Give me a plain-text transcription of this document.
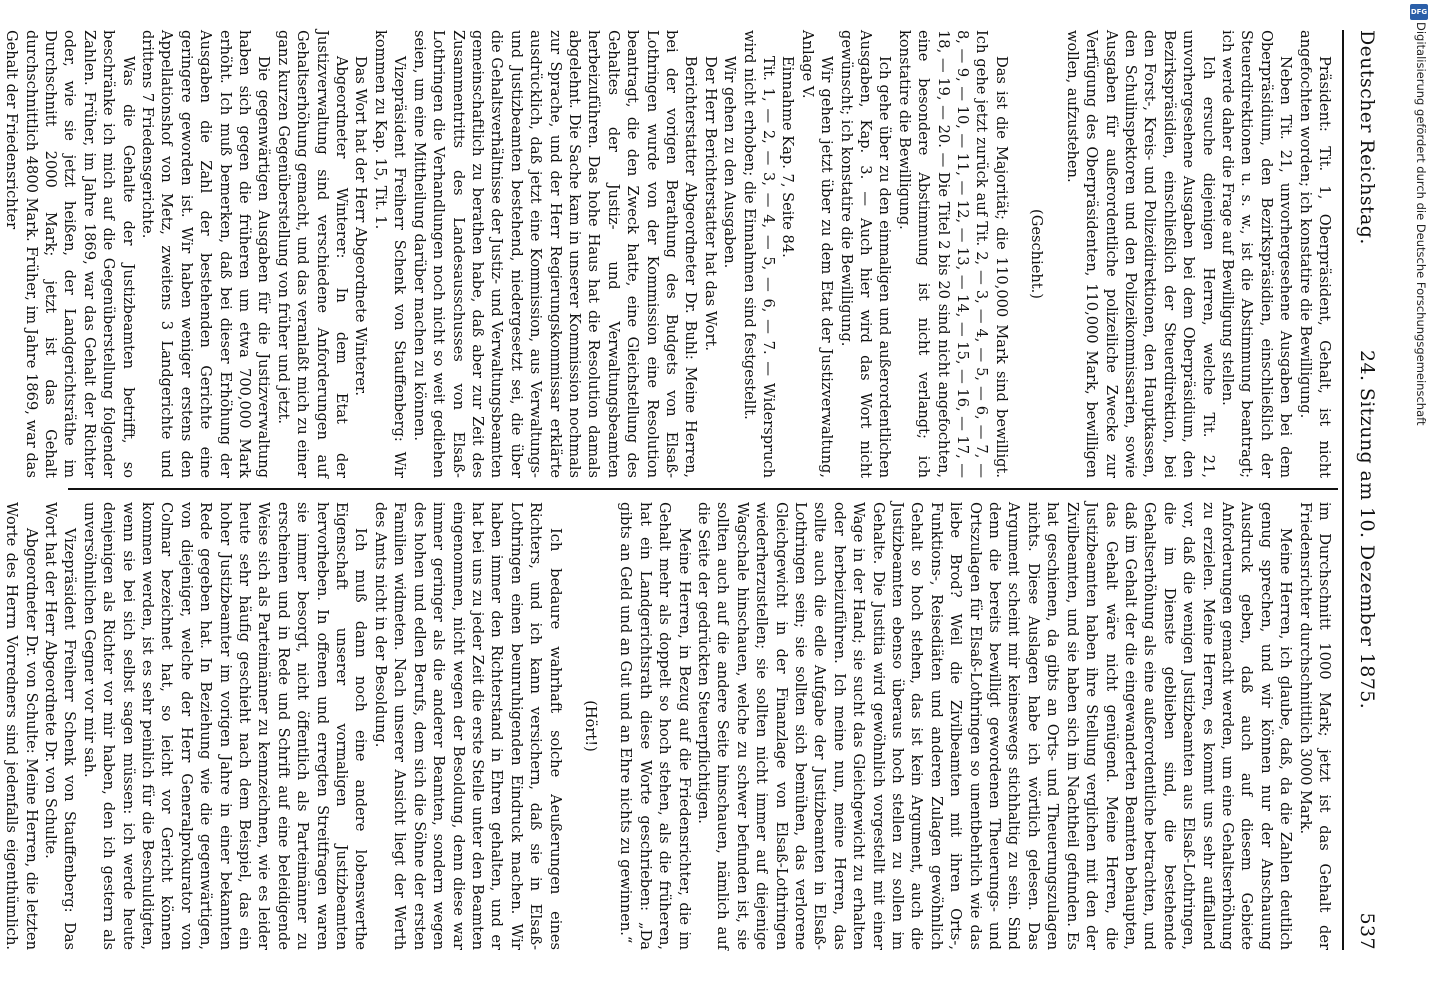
Deutscher Reichstag.
24. Sitzung am 10. Dezember 1875.
537

Präsident: Tit. 1, Oberpräsident, Gehalt, ist nicht angefochten worden; ich konstatire die Bewilligung.

Neben Tit. 21, unvorhergesehene Ausgaben bei dem Oberpräsidium, den Bezirkspräsidien, einschließlich der Steuerdirektionen u. s. w., ist die Abstimmung beantragt; ich werde daher die Frage auf Bewilligung stellen.

Ich ersuche diejenigen Herren, welche Tit. 21, unvorhergesehene Ausgaben bei dem Oberpräsidium, den Bezirkspräsidien, einschließlich der Steuerdirektion, bei den Forst-, Kreis- und Polizeidirektionen, den Hauptkassen, den Schulinspektoren und den Polizeikommissarien, sowie Ausgaben für außerordentliche polizeiliche Zwecke zur Verfügung des Oberpräsidenten, 110,000 Mark, bewilligen wollen, aufzustehen.

(Geschieht.)

Das ist die Majorität; die 110,000 Mark sind bewilligt. Ich gehe jetzt zurück auf Tit. 2, — 3, — 4, — 5, — 6, — 7, — 8, — 9, — 10, — 11, — 12, — 13, — 14, — 15, — 16, — 17, — 18, — 19, — 20. — Die Titel 2 bis 20 sind nicht angefochten, eine besondere Abstimmung ist nicht verlangt; ich konstatire die Bewilligung.

Ich gehe über zu den einmaligen und außerordentlichen Ausgaben, Kap. 3. — Auch hier wird das Wort nicht gewünscht; ich konstatire die Bewilligung.

Wir gehen jetzt über zu dem Etat der Justizverwaltung, Anlage V.

Einnahme Kap. 7, Seite 84.

Tit. 1, — 2, — 3, — 4, — 5, — 6, — 7. — Widerspruch wird nicht erhoben; die Einnahmen sind festgestellt.

Wir gehen zu den Ausgaben.

Der Herr Berichterstatter hat das Wort.

Berichterstatter Abgeordneter Dr. Buhl: Meine Herren, bei der vorigen Berathung des Budgets von Elsaß-Lothringen wurde von der Kommission eine Resolution beantragt, die den Zweck hatte, eine Gleichstellung des Gehaltes der Justiz- und Verwaltungsbeamten herbeizuführen. Das hohe Haus hat die Resolution damals abgelehnt. Die Sache kam in unserer Kommission nochmals zur Sprache, und der Herr Regierungskommissar erklärte ausdrücklich, daß jetzt eine Kommission, aus Verwaltungs- und Justizbeamten bestehend, niedergesetzt sei, die über die Gehaltsverhältnisse der Justiz- und Verwaltungsbeamten gemeinschaftlich zu berathen habe, daß aber zur Zeit des Zusammentritts des Landesausschusses von Elsaß-Lothringen die Verhandlungen noch nicht so weit gediehen seien, um eine Mittheilung darüber machen zu können.

Vizepräsident Freiherr Schenk von Stauffenberg: Wir kommen zu Kap. 15, Tit. 1.

Das Wort hat der Herr Abgeordnete Winterer.

Abgeordneter Winterer: In dem Etat der Justizverwaltung sind verschiedene Anforderungen auf Gehaltserhöhung gemacht, und das veranlaßt mich zu einer ganz kurzen Gegenüberstellung von früher und jetzt.

Die gegenwärtigen Ausgaben für die Justizverwaltung haben sich gegen die früheren um etwa 700,000 Mark erhöht. Ich muß bemerken, daß bei dieser Erhöhung der Ausgaben die Zahl der bestehenden Gerichte eine geringere geworden ist. Wir haben weniger erstens den Appellationshof von Metz, zweitens 3 Landgerichte und drittens 7 Friedensgerichte.

Was die Gehalte der Justizbeamten betrifft, so beschränke ich mich auf die Gegenüberstellung folgender Zahlen. Früher, im Jahre 1869, war das Gehalt der Richter oder, wie sie jetzt heißen, der Landgerichtsräthe im Durchschnitt 2000 Mark; jetzt ist das Gehalt durchschnittlich 4800 Mark. Früher, im Jahre 1869, war das Gehalt der Friedensrichter

im Durchschnitt 1000 Mark; jetzt ist das Gehalt der Friedensrichter durchschnittlich 3000 Mark.

Meine Herren, ich glaube, daß, da die Zahlen deutlich genug sprechen, und wir können nur der Anschauung Ausdruck geben, daß auch auf diesem Gebiete Anforderungen gemacht werden, um eine Gehaltserhöhung zu erzielen. Meine Herren, es kommt uns sehr auffallend vor, daß die wenigen Justizbeamten aus Elsaß-Lothringen, die im Dienste geblieben sind, die bestehende Gehaltserhöhung als eine außerordentliche betrachten, und daß im Gehalt der die eingewanderten Beamten behaupten, das Gehalt wäre nicht genügend. Meine Herren, die Justizbeamten haben ihre Stellung verglichen mit den der Zivilbeamten, und sie haben sich im Nachtheil gefunden. Es hat geschienen, da gibts an Orts- und Theuerungszulagen nichts. Diese Auslagen habe ich wörtlich gelesen. Das Argument scheint mir keineswegs stichhaltig zu sein. Sind denn die bereits bewilligt gewordenen Theuerungs- und Ortszulagen für Elsaß-Lothringen so unentbehrlich wie das liebe Brod? Weil die Zivilbeamten mit ihren Orts-, Funktions-, Reisediäten und anderen Zulagen gewöhnlich Gehalt so hoch stehen, das ist kein Argument, auch die Justizbeamten ebenso überaus hoch stellen zu sollen im Gehalte. Die Justitia wird gewöhnlich vorgestellt mit einer Wage in der Hand; sie sucht das Gleichgewicht zu erhalten oder herbeizuführen. Ich meine nun, meine Herren, das sollte auch die edle Aufgabe der Justizbeamten in Elsaß-Lothringen sein; sie sollten sich bemühen, das verlorene Gleichgewicht in der Finanzlage von Elsaß-Lothringen wiederherzustellen; sie sollten nicht immer auf diejenige Wagschale hinschauen, welche zu schwer befunden ist, sie sollten auch auf die andere Seite hinschauen, nämlich auf die Seite der gedrückten Steuerpflichtigen.

Meine Herren, in Bezug auf die Friedensrichter, die im Gehalt mehr als doppelt so hoch stehen, als die früheren, hat ein Landgerichtsrath diese Worte geschrieben: „Da gibts an Geld und an Gut und an Ehre nichts zu gewinnen.“

(Hört!)

Ich bedaure wahrhaft solche Aeußerungen eines Richters, und ich kann versichern, daß sie in Elsaß-Lothringen einen beunruhigenden Eindruck machen. Wir haben immer den Richterstand in Ehren gehalten, und er hat bei uns zu jeder Zeit die erste Stelle unter den Beamten eingenommen, nicht wegen der Besoldung, denn diese war immer geringer als die anderer Beamten, sondern wegen des hohen und edlen Berufs, dem sich die Söhne der ersten Familien widmeten. Nach unserer Ansicht liegt der Werth des Amts nicht in der Besoldung.

Ich muß dann noch eine andere lobenswerthe Eigenschaft unserer vormaligen Justizbeamten hervorheben. In offenen und erregten Streitfragen waren sie immer besorgt, nicht öffentlich als Parteimänner zu erscheinen und in Rede und Schrift auf eine beleidigende Weise sich als Parteimänner zu kennzeichnen, wie es leider heute sehr häufig geschieht nach dem Beispiel, das ein hoher Justizbeamter im vorigen Jahre in einer bekannten Rede gegeben hat. In Beziehung wie die gegenwärtigen, von diejeniger, welche der Herr Generalprokurator von Colmar bezeichnet hat, so leicht vor Gericht können kommen werden, ist es sehr peinlich für die Beschuldigten, wenn sie bei sich selbst sagen müssen: ich werde heute denjenigen als Richter vor mir haben, den ich gestern als unversöhnlichen Gegner vor mir sah.

Vizepräsident Freiherr Schenk von Stauffenberg: Das Wort hat der Herr Abgeordnete Dr. von Schulte.

Abgeordneter Dr. von Schulte: Meine Herren, die letzten Worte des Herrn Vorredners sind jedenfalls eigenthümlich.

DFG
Digitalisierung gefördert durch die Deutsche Forschungsgemeinschaft
